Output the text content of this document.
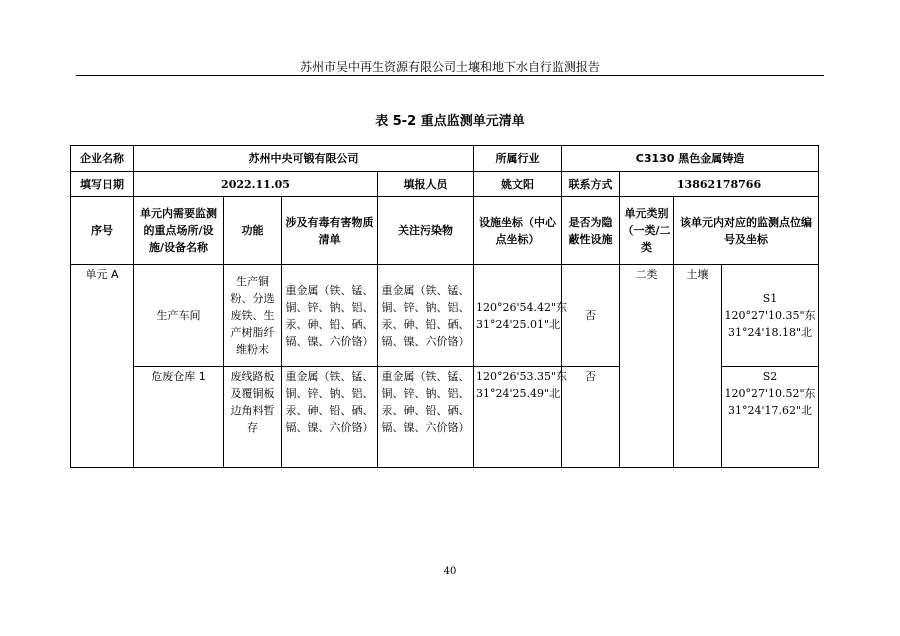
苏州市吴中再生资源有限公司土壤和地下水自行监测报告
表 5-2 重点监测单元清单
企业名称	苏州中央可锻有限公司				所属行业	C3130 黑色金属铸造			
填写日期	2022.11.05			填报人员	姚文阳	联系方式	13862178766		
序号	单元内需要监测的重点场所/设施/设备名称	功能	涉及有毒有害物质清单	关注污染物	设施坐标（中心点坐标）	是否为隐蔽性设施	单元类别（一类/二类	该单元内对应的监测点位编号及坐标	
单元 A	生产车间	生产铜粉、分选废铁、生产树脂纤维粉末	重金属（铁、锰、铜、锌、钠、铝、汞、砷、铅、硒、镉、镍、六价铬）	重金属（铁、锰、铜、锌、钠、铝、汞、砷、铅、硒、镉、镍、六价铬）	120°26'54.42"东 31°24'25.01"北	否	二类	土壤	S1 120°27'10.35"东 31°24'18.18"北
	危废仓库 1	废线路板及覆铜板边角料暂存	重金属（铁、锰、铜、锌、钠、铝、汞、砷、铅、硒、镉、镍、六价铬）	重金属（铁、锰、铜、锌、钠、铝、汞、砷、铅、硒、镉、镍、六价铬）	120°26'53.35"东 31°24'25.49"北	否			S2 120°27'10.52"东 31°24'17.62"北
40
